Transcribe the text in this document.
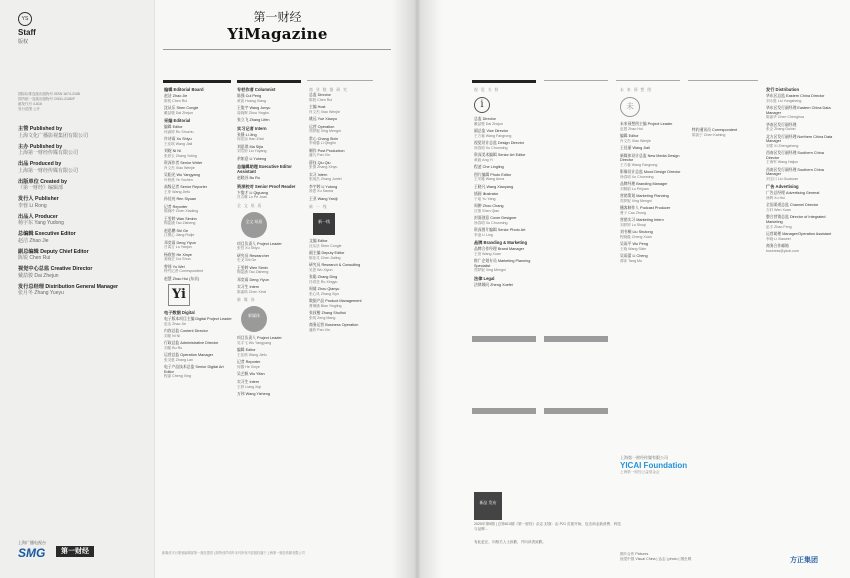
YS
Staff
版权
国际标准连续出版物号 ISSN 1674-2168
国内统一连续出版物号 CN31-2165/F
邮发代号 4-816
发行范围 公开
主管 Published by
上海文化广播影视集团有限公司
主办 Published by
上海第一财经传媒有限公司
出品 Produced by
上海第一财经传媒有限公司
出版单位 Created by
《第一财经》编辑部
发行人 Publisher
李蓉 Li Rong
出品人 Producer
杨宇东 Yang Yudong
总编辑 Executive Editor
赵洁 Zhao Jie
副总编辑 Deputy Chief Editor
陈锐 Chen Rui
视觉中心总监 Creative Director
戴喆骏 Dai Zhejun
发行总经理 Distribution General Manager
张月冬 Zhang Yueyu
上海广播电视台
SMG	第一财经
第一财经
YiMagazine
编辑 Editorial Board
赵洁 Zhao Jie
陈锐 Chen Rui
沈从乐 Shen Congle
戴喆骏 Dai Zhejun
采编 Editorial
编辑 Editor
何渝婷 Ru Shuzhu
许诗雨 Xu Shiyu
王佳琪 Wang Jiali
刘妮 Ni Ni
张婷玉 Zhang Yuting
资深作者 Senior Writer
肖文杰 Xiao Wenjie
吴阳光 Wu Yangyang
叶秋晨 Ye Yuchen
高级记者 Senior Reporter
王菲 Wang Jiefu
孙佳亮 Ren Siyuan
记者 Reporter
陈晓玲 Chen Xiaoling
王雯婷 Wan Siminn
陶姿涵 Tao Zisheng
赵思鹏 Shi Ge
江栖心 Jiang Ruijie
邓奕雨 Deng Yiyun
吕禹言 Lu Yanjun
杨欣怡 He Xinye
姜晓芸 Cui Shuo
曾瑶 Yu Wei
特约记者 Correspondent
赵慧 Zhao Hui (东京)
Yi
电子数据 Digital
电子版本项目主编 Digital Project Leader
赵洁 Zhao Jie
内容总监 Content Director
刘妮 Ni Ni
行政总监 Administrative Director
刘妮 Bu Ru
运营总监 Operation Manager
张灵惠 Zhang Lan
电子产品技术总监 Senior Digital Art Editor
程嘉 Cheng Xing
专栏作者 Columnist
陈强 Cui Peng
黄凯 Huang Xiang
王俊宇 Wang Junyu
周晓辉 Zhou Yingbo
张立飞 Zhang Lifen
实习记者 Intern
张静 Li Jing
何佳如 Han Zhixi
刘思琪 Ma Sijia
刘雪婷 Liu Yuyang
余如意 Li Yuheng
总编辑助理 Executive Editor Assistant
赵晓苏 Bu Ru
资深校对 Senior Proof Reader
卞俊才 Li Qiguang
吕吉琳 Lu Pe Juan
全 文 纸 质
全文 纸质
项目负责人 Project Leader
张哲 Xu Shiyu
研究员 Researcher
史戈 Shi Ge
王雯婷 Wen Simin
陶姿涵 Tao Zisheng
邓奕雨 Deng Yiyun
实习生 Intern
陈嘉琪 Chen Xinxi
新 媒 体
新媒体
项目负责人 Project Leader
吴宇飞 Wu Yangyang
编辑 Editor
王佳琪 Wang Jiefu
记者 Reporter
何馨 He Xinye
吴艺帆 Wu Yifan
实习生 Intern
王婷 Liang Xiqi
万伟 Wang Yizheng
商 业 数 据 研 究
总监 Director
陈锐 Chen Rui
主编 Host
肖文杰 Xiao Wenjie
姚远 Yue Xiaoyu
运营 Operation
郑梦妮 Xing Mengni
常心 Chang Sixin
李雨馨 Li Qinglin
制作 Post Production
潘凡 Pan Xin
薛钰 Qiu Qiu
张倩 Zhang Xinyu
实习 Intern
张纯杰 Zhang Junfei
李宇婷 Li Yutong
徐思 Xu Sanna
王亚 Wang Yaniji
新 一 线
新一线
文编 Editor
沈从乐 Shen Congle
副主编 Deputy Editor
陈佳灵 Chen Jialing
研究员 Research & Consulting
吴思 Wu Xiyun
张聪 Zhang Ding
任叔莹 Ru Xingyu
周倩 Zhou Qianyu
张心凤 Zhang Xiyu
数据产品 Product Management
曹琳涵 Bian Yingling
张叔楷 Zhang Shulhui
张明 Zeng Mang
商务运营 Business Operation
潘欣 Pan Xin
新媒体平台策划编辑部第一财经提供 | 除特别声明外本刊所有内容版权属于上海第一财经传媒有限公司
视 觉 支 持
i
总监 Director
戴喆骏 Dai Zhejun
副总监 Vice Director
王方蓉 Wang Fangrong
视觉设计总监 Design Director
徐春明 Xu Chunming
资深美术编辑 Senior Art Editor
黄毅 Ang Yi
程凌 Che Lingling
图片编辑 Photo Editor
王安娜 Wang Anna
王晓凡 Wang Xiaoyang
插画 Illustrator
于瑶 Yu Yang
周翀 Zhou Chang
沈倩 Shen Qian
封面创意 Cover Designer
徐春明 Xu Chunming
资深图片编辑 Senior Photo Art
李凌 Li Ling
品牌 Branding & Marketing
品牌合作经理 Brand Manager
王萱 Wang Xuan
推广企划专员 Marketing Planning Specialist
郑梦妮 Xing Mengni
法律 Legal
法律顾问 Zheng Xuefei
未 来 预 想 图
未
未来预想图主编 Project Leader
赵慧 Zhao Hui
编辑 Editor
肖文杰 Xiao Wenjie
王佳丽 Wang Jiali
新媒体设计总监 New Media Design Director
王方蓉 Wang Fangrong
影像设计总监 Mood Design Director
徐春明 Xu Chunming
品牌经理 Branding Manager
刘佩娟 Lu Peijuan
营销策划 Marketing Planning
郑梦妮 Xing Mengni
播客制作人 Podcast Producer
曹子 Cao Zhong
营销实习 Marketing Intern
刘婷婷 Lu Shuqi
刘书桐 Liu Shutong
程晓璇 Cheng Xuan
吴雨平 Wu Peng
王晓 Wang Sixin
吴雨蕾 Li Cheng
谭沐 Tang Mu
特约通讯员 Correspondent
陈凯宁 Chen Kaining
发行 Distribution
华东区总监 Eastern China Director
刘永胜 Liu Yongsheng
华东区发行副经理 Eastern China Data Manager
陈嘉华 Chen Chenghua
华南区发行副经理
张会 Zhang Guixin
北方区发行副经理 Northern China Data Manager
刘郑 Xi Zhengzheng
西南区发行副经理 Southern China Director
王海军 Wang Haijun
西南区发行副经理 Southern China Manager
刘宝川 Liu Guokuan
广告 Advertising
广告总经理 Advertising General
徐辉 Xu Hui
全国渠道总监 Channel Director
万轩 Wen Xuan
整合营销总监 Director of Integrated Marketing
赵丰 Zhao Feng
运营助理 Manager/Operation Assistant
李晓 Li Xiaowei
商务合作邮箱
business@yicai.com
新品 发布
2025年第5期 | 总第813期《第一财经》杂志 封面：由 P21 页面开始，包含商业新消费、科技与品牌...
有此更正，向相关人士致歉，并向读者致歉。
图片合作 Pictures
视觉中国 Visual China | 达志 | photo | 图虫网
上海第一财经传媒有限公司
YICAI Foundation
上海第一财经公益基金会
方正集团
